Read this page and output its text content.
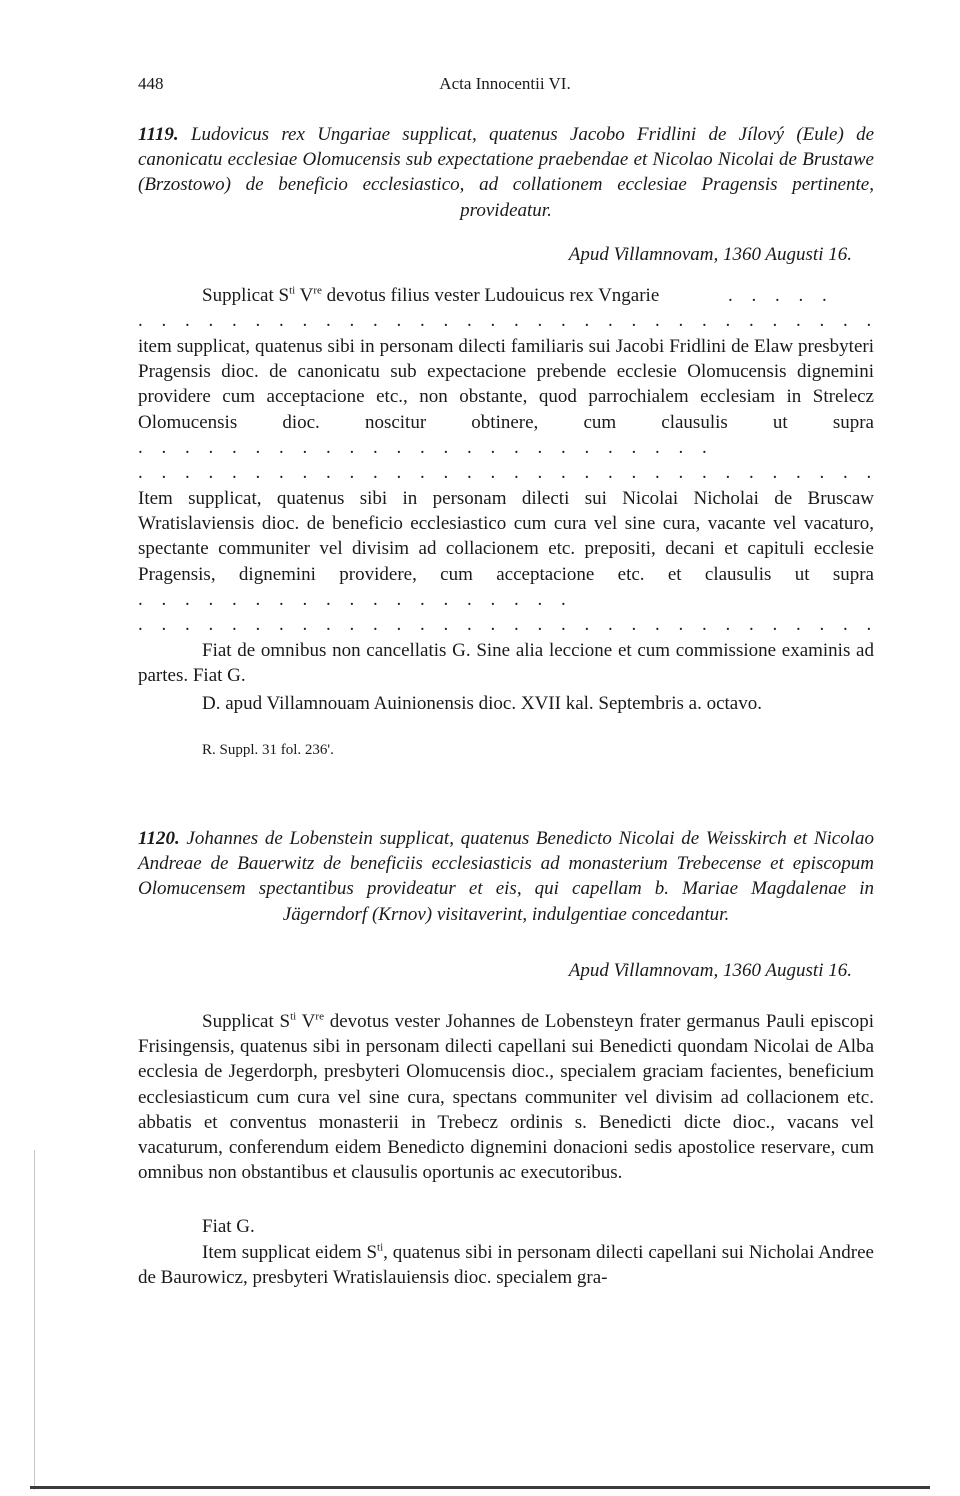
448	Acta Innocentii VI.

1119. Ludovicus rex Ungariae supplicat, quatenus Jacobo Fridlini de Jílový (Eule) de canonicatu ecclesiae Olomucensis sub expectatione praebendae et Nicolao Nicolai de Brustawe (Brzostowo) de beneficio ecclesiastico, ad collationem ecclesiae Pragensis pertinente, provideatur.

Apud Villamnovam, 1360 Augusti 16.

Supplicat $S^{ti}$ Vre devotus filius vester Ludouicus rex Vngarie	. . . . .

. . .

item supplicat, quatenus sibi in personam dilecti familiaris sui Jacobi Fridlini de Elaw presbyteri Pragensis dioc. de canonicatu sub expectacione prebende ecclesie Olomucensis dignemini providere cum acceptacione etc., non obstante, quod parrochialem ecclesiam in Strelecz Olomucensis dioc. noscitur obtinere, cum clausulis ut supra . . . . . . . . . . . . . . . . . . . . . . . . .

. . .

Item supplicat, quatenus sibi in personam dilecti sui Nicolai Nicholai de Bruscaw Wratislaviensis dioc. de beneficio ecclesiastico cum cura vel sine cura, vacante vel vacaturo, spectante communiter vel divisim ad collacionem etc. prepositi, decani et capituli ecclesie Pragensis, dignemini providere, cum acceptacione etc. et clausulis ut supra . . . . . . . . . . . . . . . . . . .

. . .

Fiat de omnibus non cancellatis G. Sine alia leccione et cum commissione examinis ad partes. Fiat G.

D. apud Villamnouam Auinionensis dioc. XVII kal. Septembris a. octavo.

R. Suppl. 31 fol. 236'.

1120. Johannes de Lobenstein supplicat, quatenus Benedicto Nicolai de Weisskirch et Nicolao Andreae de Bauerwitz de beneficiis ecclesiasticis ad monasterium Trebecense et episcopum Olomucensem spectantibus provideatur et eis, qui capellam b. Mariae Magdalenae in Jägerndorf (Krnov) visitaverint, indulgentiae concedantur.

Apud Villamnovam, 1360 Augusti 16.

Supplicat $S^{ti}$ Vre devotus vester Johannes de Lobensteyn frater germanus Pauli episcopi Frisingensis, quatenus sibi in personam dilecti capellani sui Benedicti quondam Nicolai de Alba ecclesia de Jegerdorph, presbyteri Olomucensis dioc., specialem graciam facientes, beneficium ecclesiasticum cum cura vel sine cura, spectans communiter vel divisim ad collacionem etc. abbatis et conventus monasterii in Trebecz ordinis s. Benedicti dicte dioc., vacans vel vacaturum, conferendum eidem Benedicto dignemini donacioni sedis apostolice reservare, cum omnibus non obstantibus et clausulis oportunis ac executoribus.

Fiat G.

Item supplicat eidem $S^{ti}$, quatenus sibi in personam dilecti capellani sui Nicholai Andree de Baurowicz, presbyteri Wratislauiensis dioc. specialem gra-
